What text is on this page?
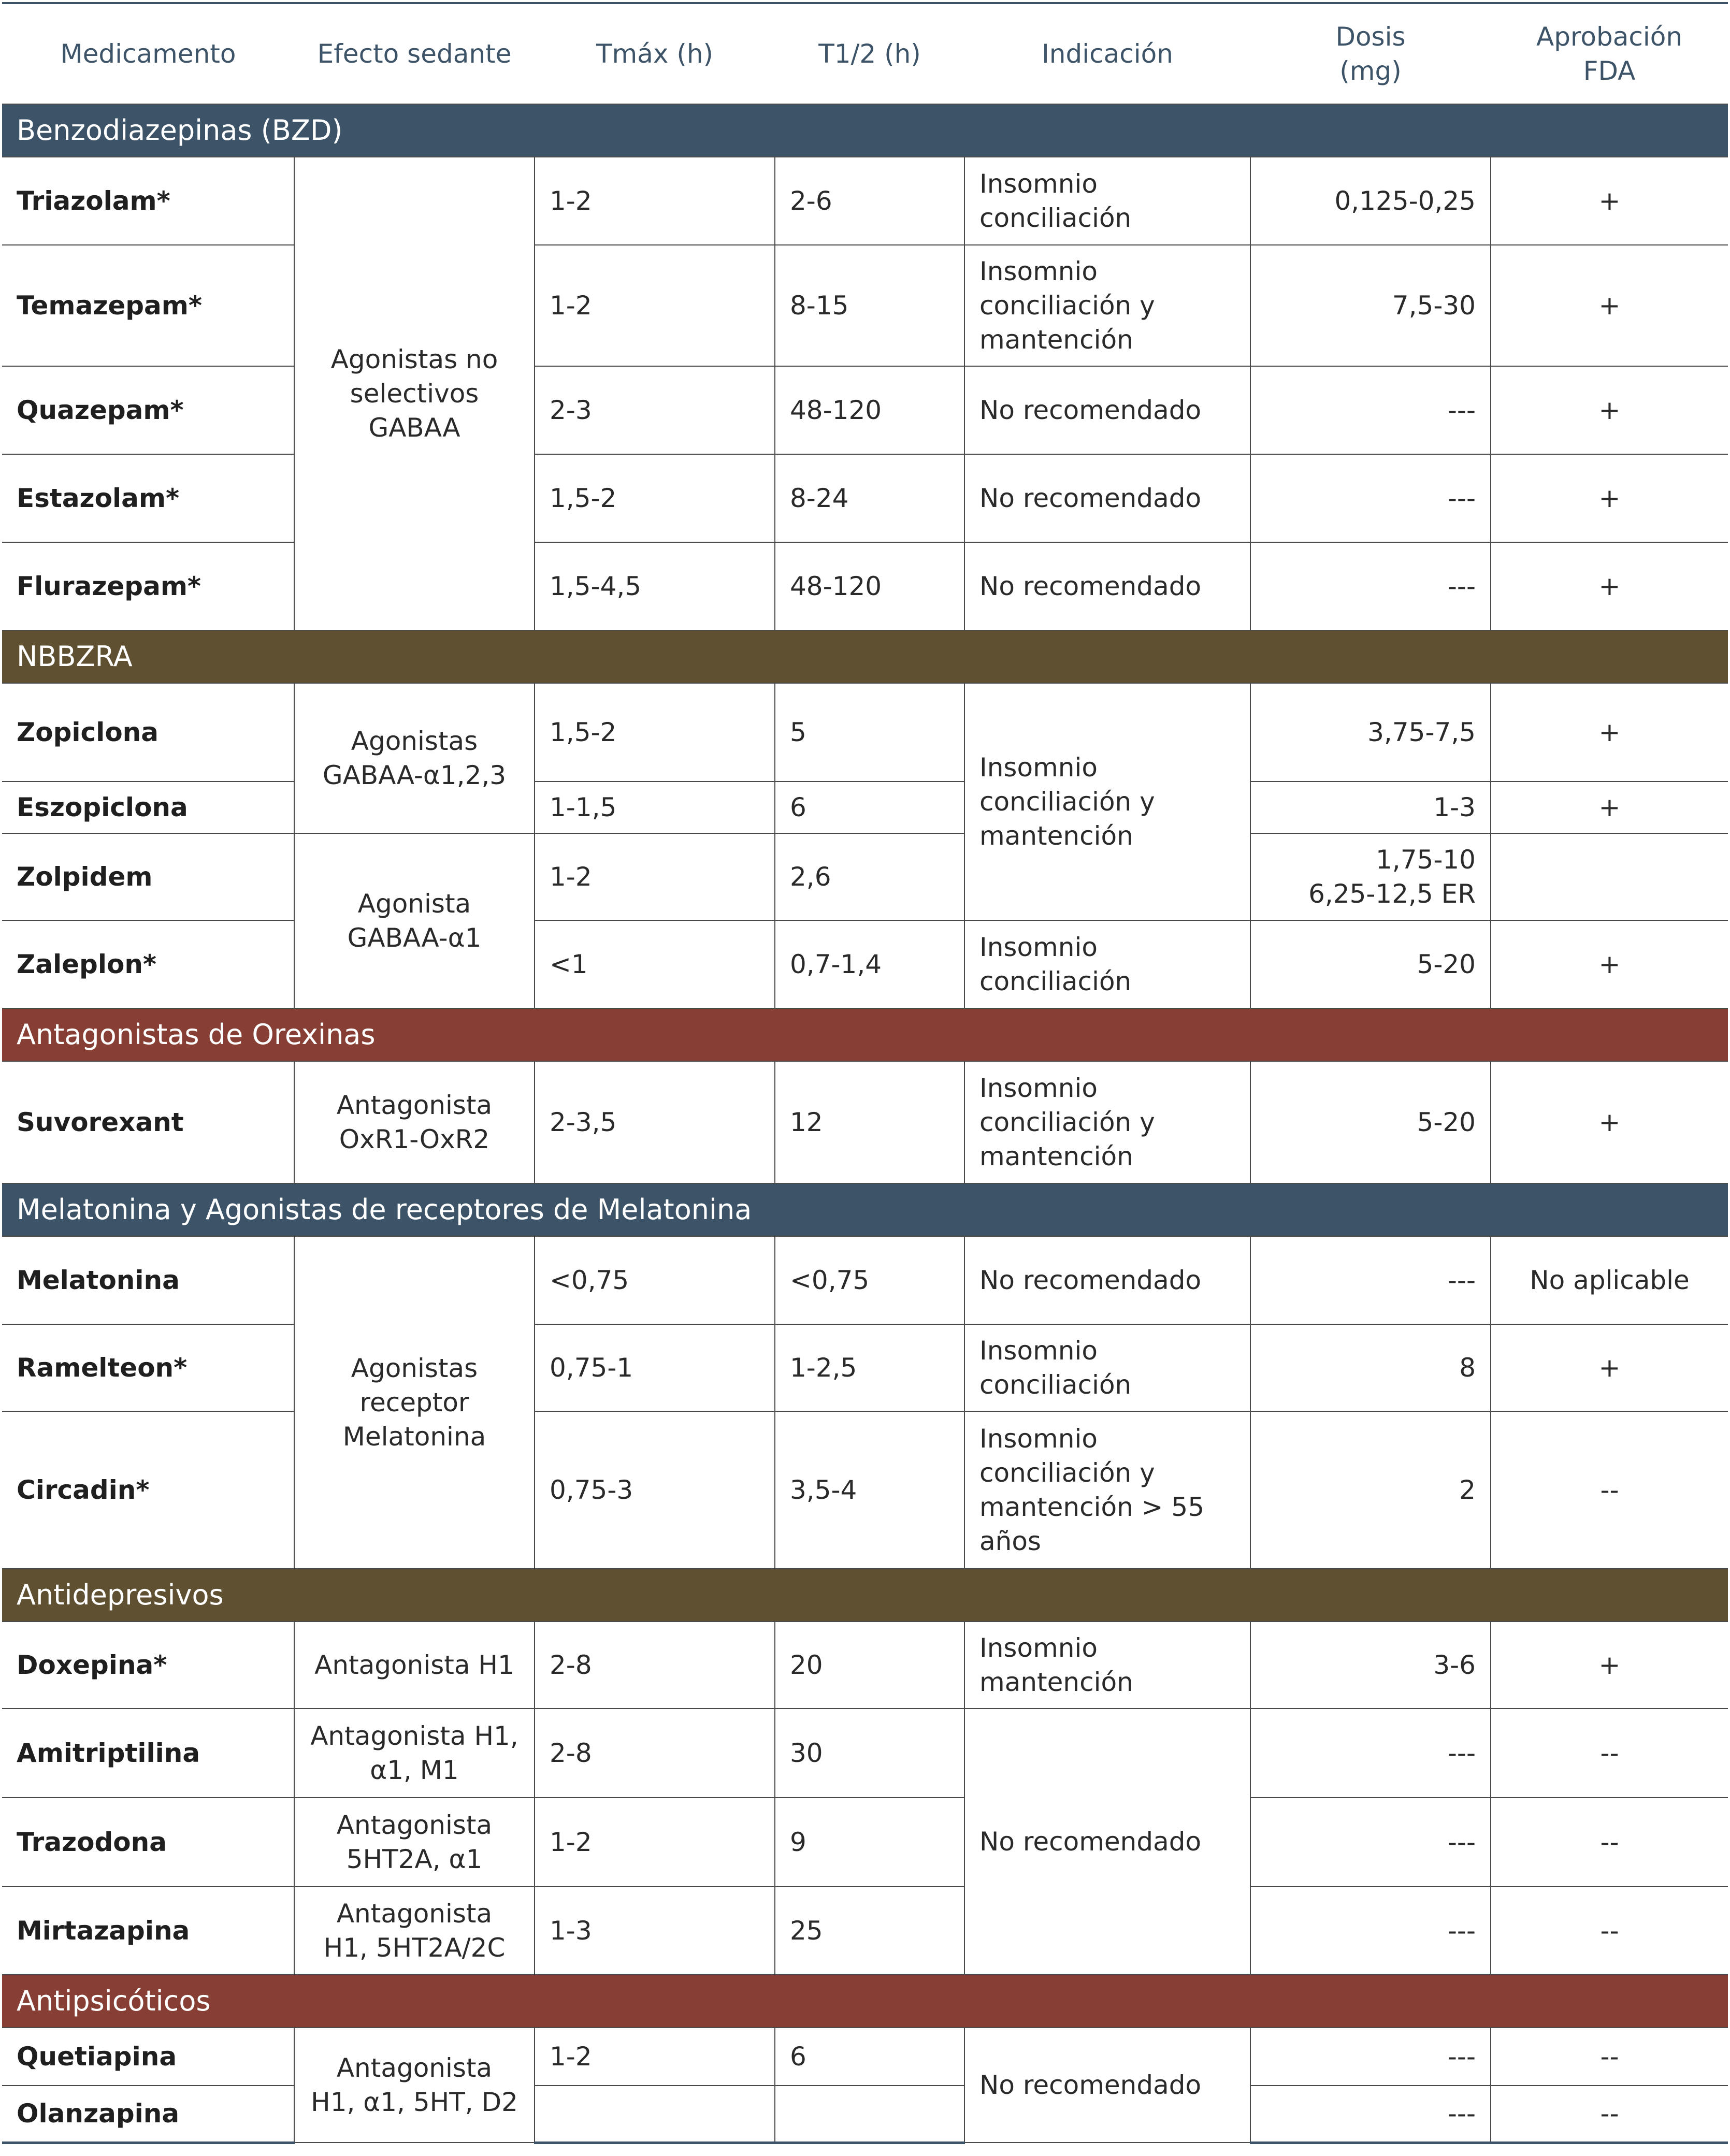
Medicamento	Efecto sedante	Tmáx (h)	T1/2 (h)	Indicación	Dosis
(mg)	Aprobación
FDA
Benzodiazepinas (BZD)						
Triazolam*	Agonistas no
selectivos
GABAA	1-2	2-6	Insomnio
conciliación	0,125-0,25	+
Temazepam*		1-2	8-15	Insomnio
conciliación y
mantención	7,5-30	+
Quazepam*		2-3	48-120	No recomendado	---	+
Estazolam*		1,5-2	8-24	No recomendado	---	+
Flurazepam*		1,5-4,5	48-120	No recomendado	---	+
NBBZRA						
Zopiclona	Agonistas
GABAA-α1,2,3	1,5-2	5	Insomnio
conciliación y
mantención	3,75-7,5	+
Eszopiclona		1-1,5	6		1-3	+
Zolpidem	Agonista
GABAA-α1	1-2	2,6		1,75-10
6,25-12,5 ER	
Zaleplon*		<1	0,7-1,4	Insomnio
conciliación	5-20	+
Antagonistas de Orexinas						
Suvorexant	Antagonista
OxR1-OxR2	2-3,5	12	Insomnio
conciliación y
mantención	5-20	+
Melatonina y Agonistas de receptores de Melatonina						
Melatonina	Agonistas
receptor
Melatonina	<0,75	<0,75	No recomendado	---	No aplicable
Ramelteon*		0,75-1	1-2,5	Insomnio
conciliación	8	+
Circadin*		0,75-3	3,5-4	Insomnio
conciliación y
mantención > 55
años	2	--
Antidepresivos						
Doxepina*	Antagonista H1	2-8	20	Insomnio
mantención	3-6	+
Amitriptilina	Antagonista H1,
α1, M1	2-8	30	No recomendado	---	--
Trazodona	Antagonista
5HT2A, α1	1-2	9		---	--
Mirtazapina	Antagonista
H1, 5HT2A/2C	1-3	25		---	--
Antipsicóticos						
Quetiapina	Antagonista
H1, α1, 5HT, D2	1-2	6	No recomendado	---	--
Olanzapina					---	--
